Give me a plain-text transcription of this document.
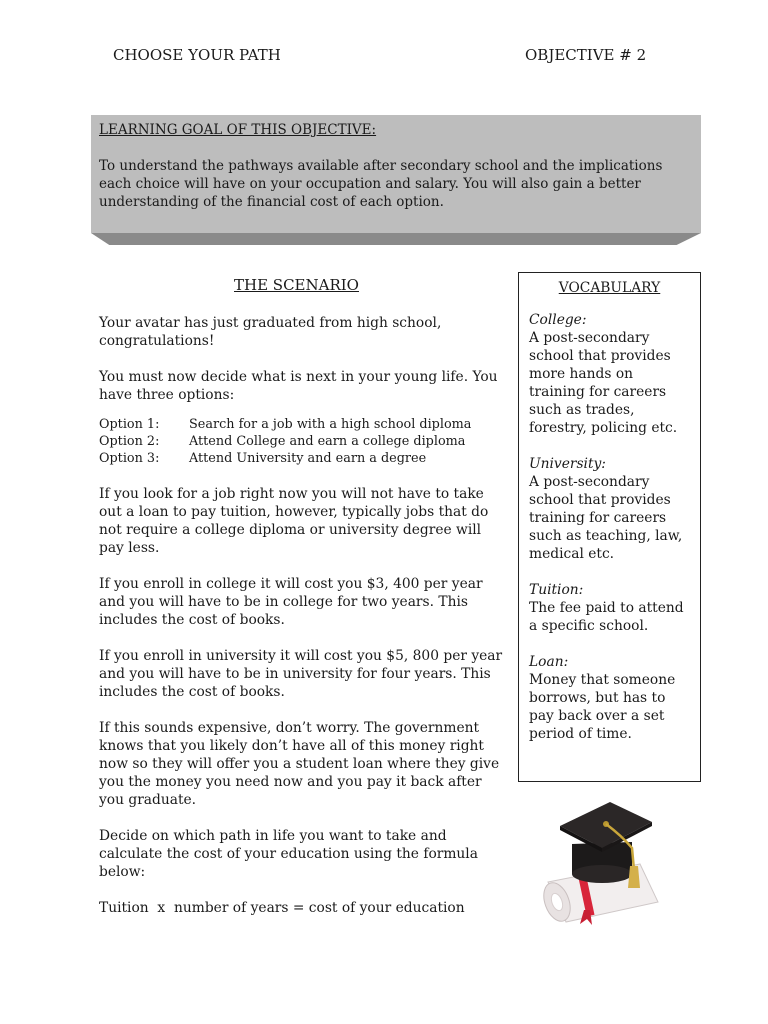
CHOOSE YOUR PATH	OBJECTIVE # 2
LEARNING GOAL OF THIS OBJECTIVE:
To understand the pathways available after secondary school and the implications each choice will have on your occupation and salary. You will also gain a better understanding of the financial cost of each option.
THE SCENARIO

Your avatar has just graduated from high school, congratulations!

You must now decide what is next in your young life. You have three options:

Option 1:	Search for a job with a high school diploma
Option 2:	Attend College and earn a college diploma
Option 3:	Attend University and earn a degree

If you look for a job right now you will not have to take out a loan to pay tuition, however, typically jobs that do not require a college diploma or university degree will pay less.

If you enroll in college it will cost you $3, 400 per year and you will have to be in college for two years. This includes the cost of books.

If you enroll in university it will cost you $5, 800 per year and you will have to be in university for four years. This includes the cost of books.

If this sounds expensive, don’t worry. The government knows that you likely don’t have all of this money right now so they will offer you a student loan where they give you the money you need now and you pay it back after you graduate.

Decide on which path in life you want to take and calculate the cost of your education using the formula below:

Tuition  x  number of years = cost of your education

VOCABULARY
College:
A post-secondary school that provides more hands on training for careers such as trades, forestry, policing etc.
University:
A post-secondary school that provides training for careers such as teaching, law, medical etc.
Tuition:
The fee paid to attend a specific school.
Loan:
Money that someone borrows, but has to pay back over a set period of time.
